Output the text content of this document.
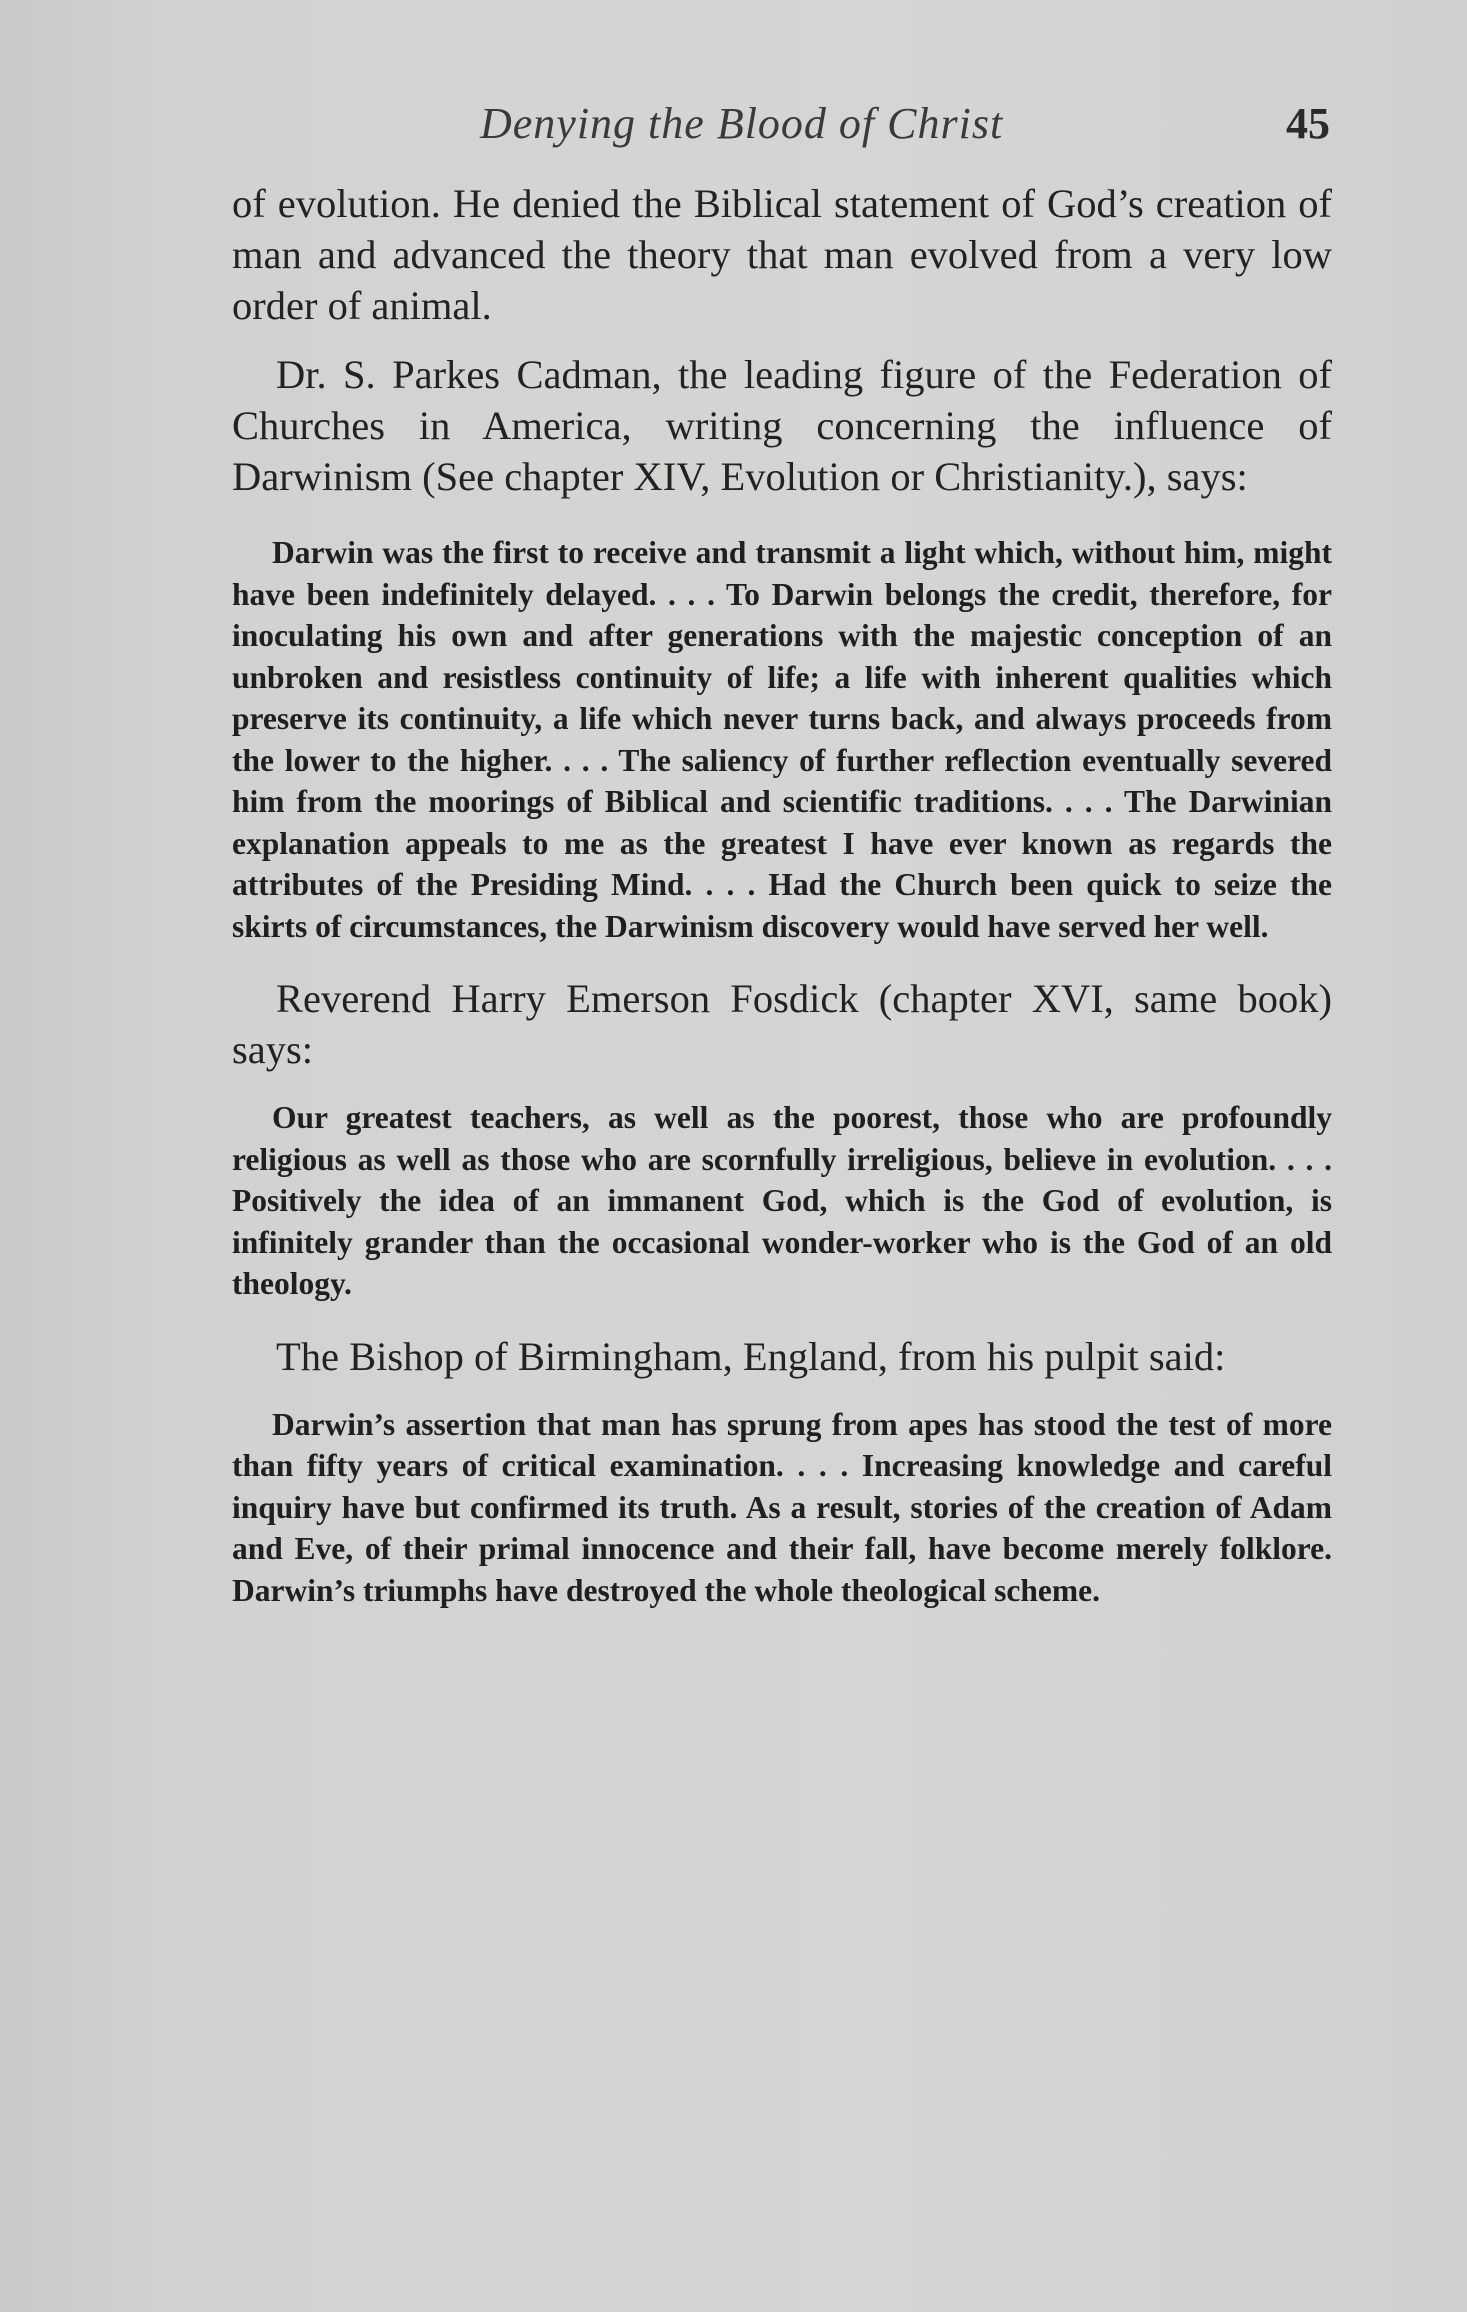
Denying the Blood of Christ	45

of evolution. He denied the Biblical statement of God’s creation of man and advanced the theory that man evolved from a very low order of animal.

Dr. S. Parkes Cadman, the leading figure of the Federation of Churches in America, writing concerning the influence of Darwinism (See chapter XIV, Evolution or Christianity.), says:

Darwin was the first to receive and transmit a light which, without him, might have been indefinitely delayed. . . . To Darwin belongs the credit, therefore, for inoculating his own and after generations with the majestic conception of an unbroken and resistless continuity of life; a life with inherent qualities which preserve its continuity, a life which never turns back, and always proceeds from the lower to the higher. . . . The saliency of further reflection eventually severed him from the moorings of Biblical and scientific traditions. . . . The Darwinian explanation appeals to me as the greatest I have ever known as regards the attributes of the Presiding Mind. . . . Had the Church been quick to seize the skirts of circumstances, the Darwinism discovery would have served her well.

Reverend Harry Emerson Fosdick (chapter XVI, same book) says:

Our greatest teachers, as well as the poorest, those who are profoundly religious as well as those who are scornfully irreligious, believe in evolution. . . . Positively the idea of an immanent God, which is the God of evolution, is infinitely grander than the occasional wonder-worker who is the God of an old theology.

The Bishop of Birmingham, England, from his pulpit said:

Darwin’s assertion that man has sprung from apes has stood the test of more than fifty years of critical examination. . . . Increasing knowledge and careful inquiry have but confirmed its truth. As a result, stories of the creation of Adam and Eve, of their primal innocence and their fall, have become merely folklore. Darwin’s triumphs have destroyed the whole theological scheme.
